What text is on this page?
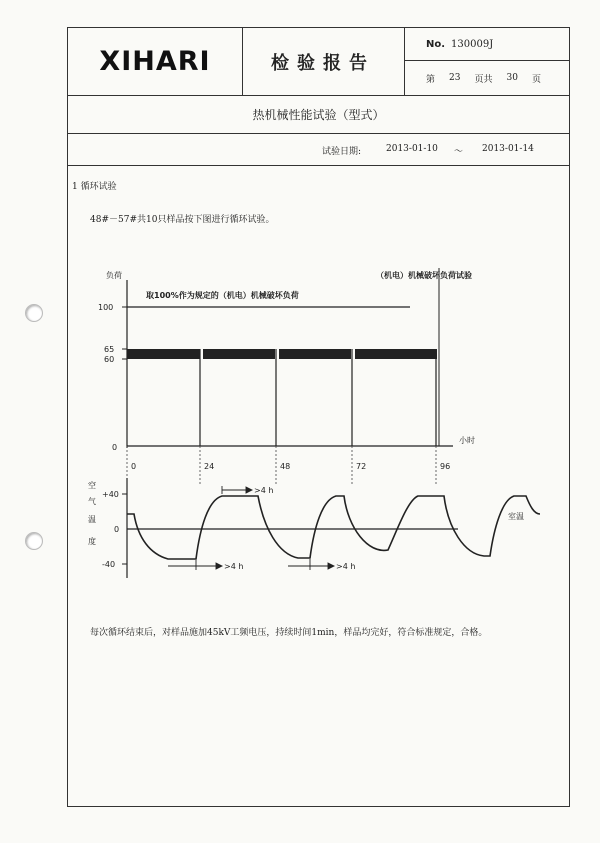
XIHARI	检验报告
No. 130009J
第 23 页共 30 页
热机械性能试验（型式）
试验日期:	2013-01-10 ～ 2013-01-14
1 循环试验
48#－57#共10只样品按下图进行循环试验。
负荷	（机电）机械破坏负荷试验
小时
100
65
60
0
取100%作为规定的（机电）机械破坏负荷
0	24	48	72	96
空
气
温
度
+40
0
-40
室温
>4 h
>4 h	>4 h
每次循环结束后，对样品施加45kV工频电压，持续时间1min，样品均完好，符合标准规定，合格。
